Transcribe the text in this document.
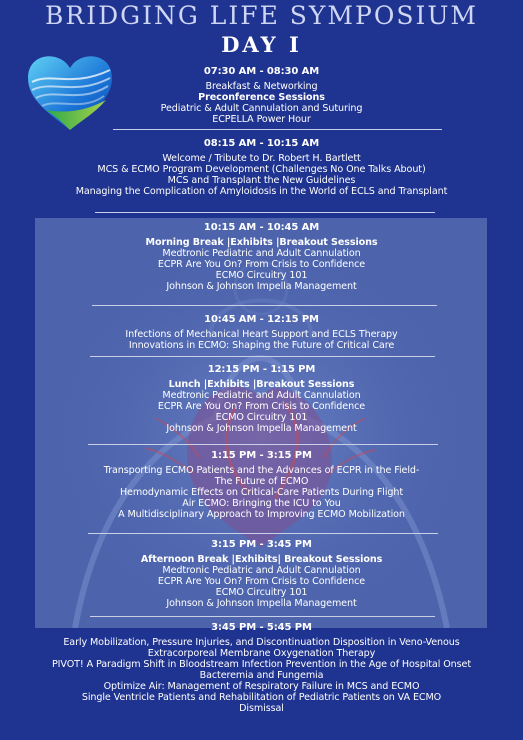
BRIDGING LIFE SYMPOSIUM
DAY I
07:30 AM - 08:30 AM
Breakfast & Networking
Preconference Sessions
Pediatric & Adult Cannulation and Suturing
ECPELLA Power Hour
08:15 AM - 10:15 AM
Welcome / Tribute to Dr. Robert H. Bartlett
MCS & ECMO Program Development (Challenges No One Talks About)
MCS and Transplant the New Guidelines
Managing the Complication of Amyloidosis in the World of ECLS and Transplant
10:15 AM - 10:45 AM
Morning Break |Exhibits |Breakout Sessions
Medtronic Pediatric and Adult Cannulation
ECPR Are You On? From Crisis to Confidence
ECMO Circuitry 101
Johnson & Johnson Impella Management
10:45 AM - 12:15 PM
Infections of Mechanical Heart Support and ECLS Therapy
Innovations in ECMO: Shaping the Future of Critical Care
12:15 PM - 1:15 PM
Lunch |Exhibits |Breakout Sessions
Medtronic Pediatric and Adult Cannulation
ECPR Are You On? From Crisis to Confidence
ECMO Circuitry 101
Johnson & Johnson Impella Management
1:15 PM - 3:15 PM
Transporting ECMO Patients and the Advances of ECPR in the Field-
The Future of ECMO
Hemodynamic Effects on Critical-Care Patients During Flight
Air ECMO: Bringing the ICU to You
A Multidisciplinary Approach to Improving ECMO Mobilization
3:15 PM - 3:45 PM
Afternoon Break |Exhibits| Breakout Sessions
Medtronic Pediatric and Adult Cannulation
ECPR Are You On? From Crisis to Confidence
ECMO Circuitry 101
Johnson & Johnson Impella Management
3:45 PM - 5:45 PM
Early Mobilization, Pressure Injuries, and Discontinuation Disposition in Veno-Venous
Extracorporeal Membrane Oxygenation Therapy
PIVOT! A Paradigm Shift in Bloodstream Infection Prevention in the Age of Hospital Onset
Bacteremia and Fungemia
Optimize Air: Management of Respiratory Failure in MCS and ECMO
Single Ventricle Patients and Rehabilitation of Pediatric Patients on VA ECMO
Dismissal
